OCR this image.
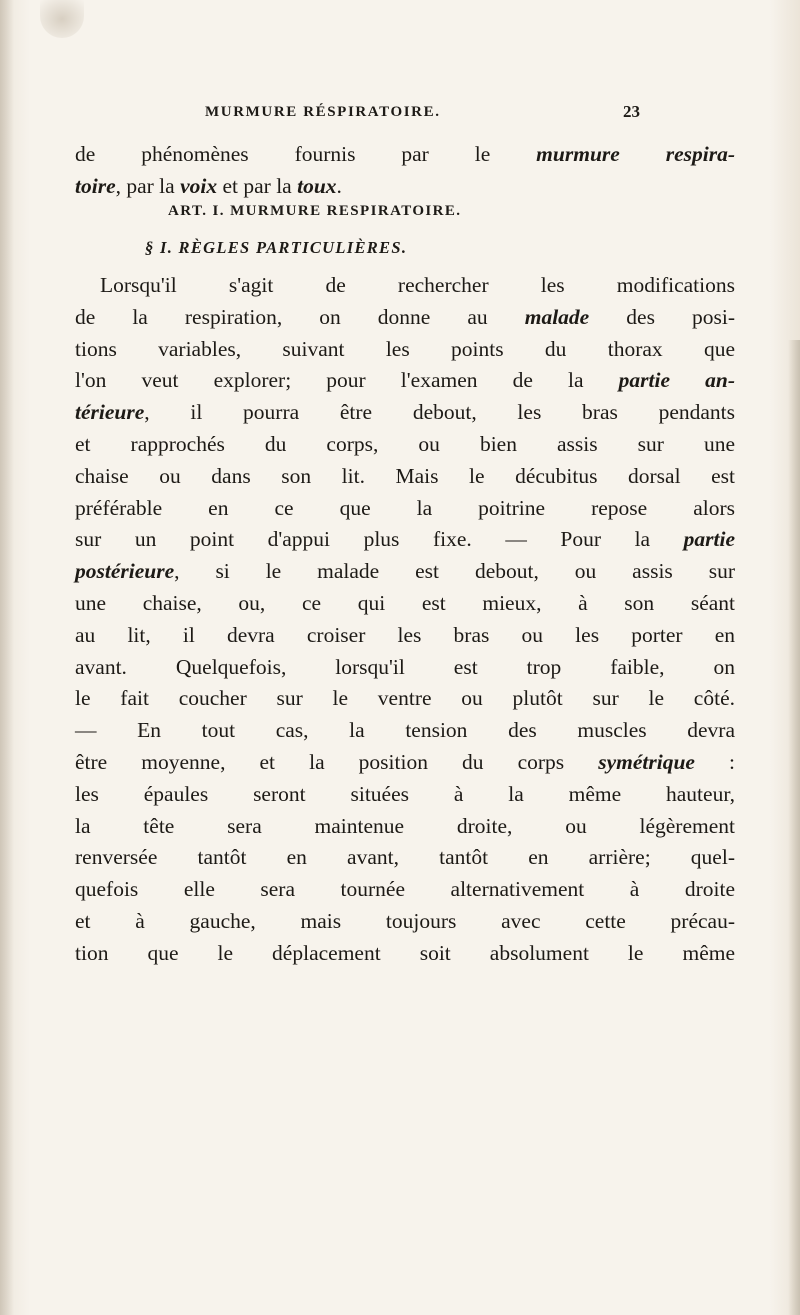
MURMURE RÉSPIRATOIRE.	23
de phénomènes fournis par le murmure respira-
toire, par la voix et par la toux.
ART. I. MURMURE RESPIRATOIRE.
§ I. RÈGLES PARTICULIÈRES.
Lorsqu'il s'agit de rechercher les modifications
de la respiration, on donne au malade des posi-
tions variables, suivant les points du thorax que
l'on veut explorer; pour l'examen de la partie an-
térieure, il pourra être debout, les bras pendants
et rapprochés du corps, ou bien assis sur une
chaise ou dans son lit. Mais le décubitus dorsal est
préférable en ce que la poitrine repose alors
sur un point d'appui plus fixe. — Pour la partie
postérieure, si le malade est debout, ou assis sur
une chaise, ou, ce qui est mieux, à son séant
au lit, il devra croiser les bras ou les porter en
avant. Quelquefois, lorsqu'il est trop faible, on
le fait coucher sur le ventre ou plutôt sur le côté.
— En tout cas, la tension des muscles devra
être moyenne, et la position du corps symétrique :
les épaules seront situées à la même hauteur,
la tête sera maintenue droite, ou légèrement
renversée tantôt en avant, tantôt en arrière; quel-
quefois elle sera tournée alternativement à droite
et à gauche, mais toujours avec cette précau-
tion que le déplacement soit absolument le même
